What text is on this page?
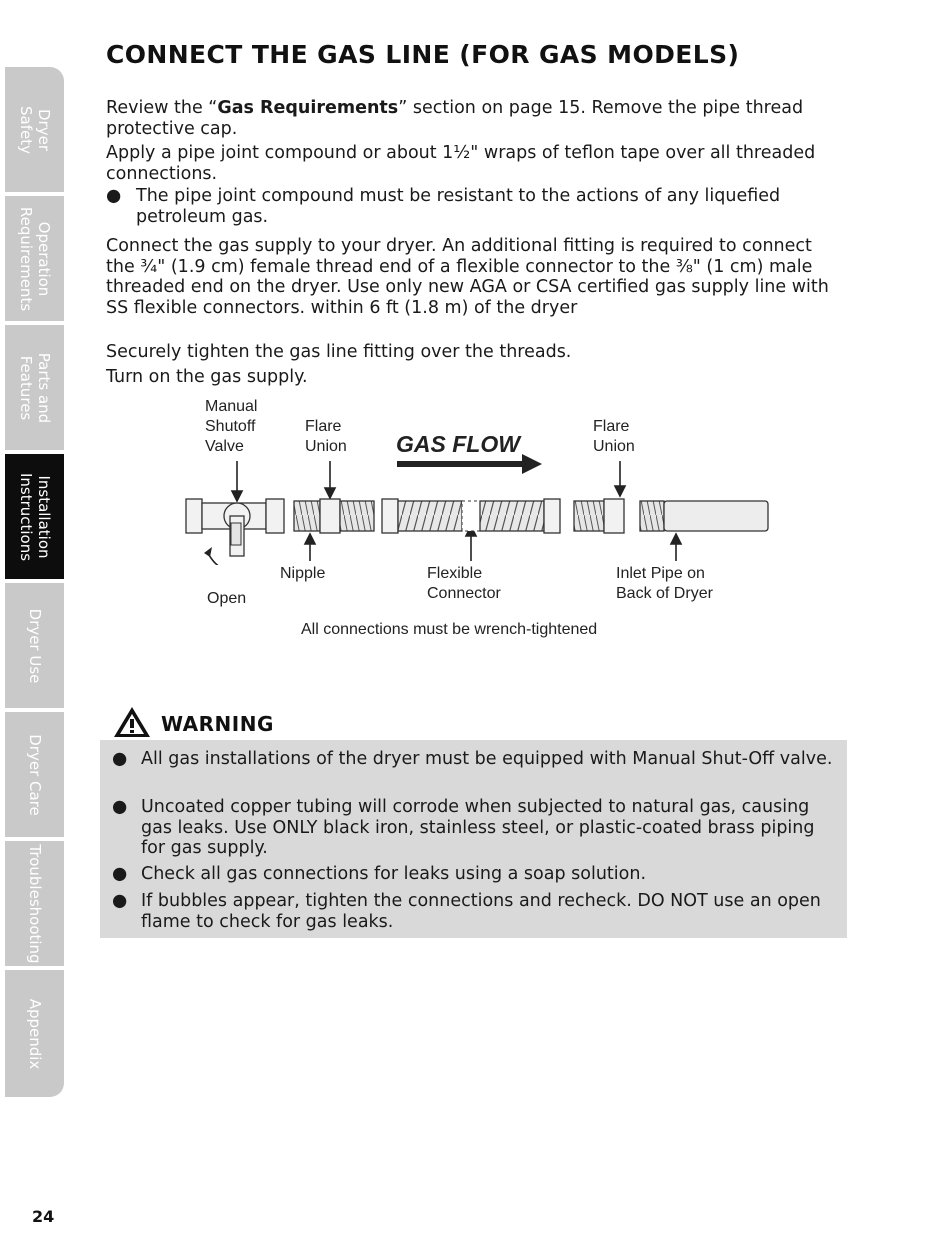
Dryer
Safety
Operation
Requirements
Parts and
Features
Installation
Instructions
Dryer Use
Dryer Care
Troubleshooting
Appendix
CONNECT THE GAS LINE (FOR GAS MODELS)

Review the “Gas Requirements” section on page 15. Remove the pipe thread protective cap.

Apply a pipe joint compound or about 1½" wraps of teflon tape over all threaded connections.

● The pipe joint compound must be resistant to the actions of any liquefied petroleum gas.

Connect the gas supply to your dryer. An additional fitting is required to connect the ¾" (1.9 cm) female thread end of a flexible connector to the ⅜" (1 cm) male threaded end on the dryer. Use only new AGA or CSA certified gas supply line with SS flexible connectors. within 6 ft (1.8 m) of the dryer

Securely tighten the gas line fitting over the threads.

Turn on the gas supply.

Manual
Shutoff
Valve
Flare
Union GAS FLOW
Flare
Union
Nipple
Open
Flexible
Connector
Inlet Pipe on
Back of Dryer
All connections must be wrench-tightened
WARNING
● All gas installations of the dryer must be equipped with Manual Shut-Off valve.
● Uncoated copper tubing will corrode when subjected to natural gas, causing gas leaks. Use ONLY black iron, stainless steel, or plastic-coated brass piping for gas supply.
● Check all gas connections for leaks using a soap solution.
● If bubbles appear, tighten the connections and recheck. DO NOT use an open flame to check for gas leaks.
24
